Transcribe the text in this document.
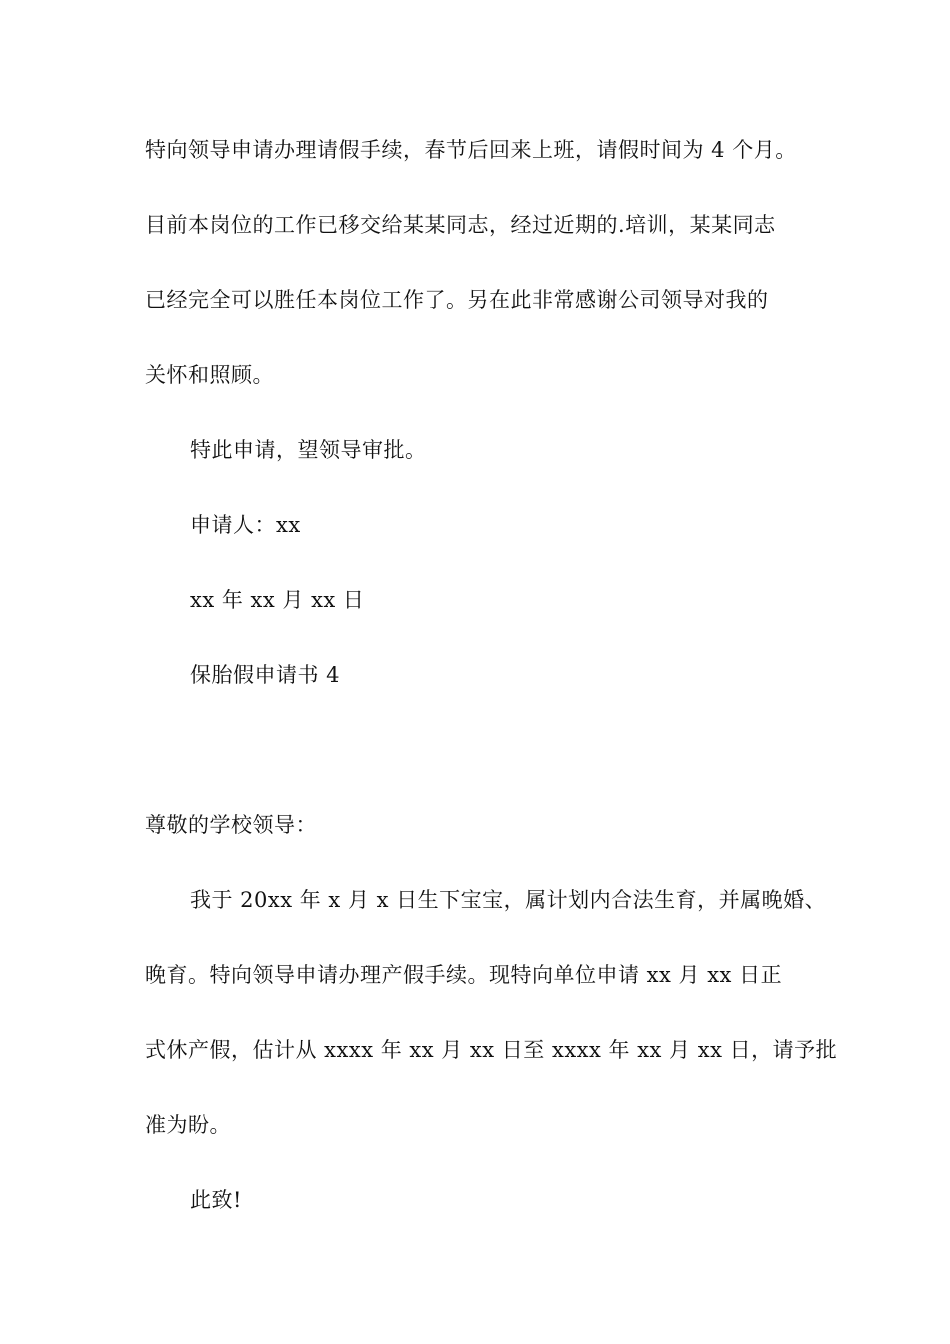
特向领导申请办理请假手续，春节后回来上班，请假时间为 4 个月。
目前本岗位的工作已移交给某某同志，经过近期的.培训，某某同志
已经完全可以胜任本岗位工作了。另在此非常感谢公司领导对我的
关怀和照顾。
特此申请，望领导审批。
申请人：xx
xx 年 xx 月 xx 日
保胎假申请书 4
尊敬的学校领导：
我于 20xx 年 x 月 x 日生下宝宝，属计划内合法生育，并属晚婚、
晚育。特向领导申请办理产假手续。现特向单位申请 xx 月 xx 日正
式休产假，估计从 xxxx 年 xx 月 xx 日至 xxxx 年 xx 月 xx 日，请予批
准为盼。
此致!
